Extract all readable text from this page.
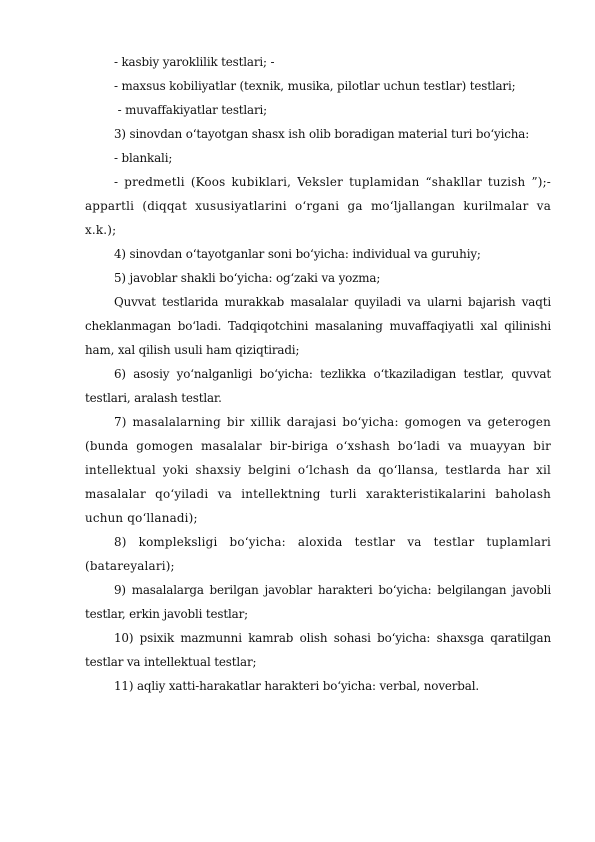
- kasbiy yaroklilik testlari; -

- maxsus kobiliyatlar (texnik, musika, pilotlar uchun testlar) testlari;

- muvaffakiyatlar testlari;

3) sinovdan o‘tayotgan shasx ish olib boradigan material turi bo‘yicha:

- blankali;

- predmetli (Koos kubiklari, Veksler tuplamidan “shakllar tuzish ”);- appartli (diqqat xususiyatlarini o‘rgani ga mo‘ljallangan kurilmalar va x.k.);

4) sinovdan o‘tayotganlar soni bo‘yicha: individual va guruhiy;

5) javoblar shakli bo‘yicha: og‘zaki va yozma;

Quvvat testlarida murakkab masalalar quyiladi va ularni bajarish vaqti cheklanmagan bo‘ladi. Tadqiqotchini masalaning muvaffaqiyatli xal qilinishi ham, xal qilish usuli ham qiziqtiradi;

6) asosiy yo‘nalganligi bo‘yicha: tezlikka o‘tkaziladigan testlar, quvvat testlari, aralash testlar.

7) masalalarning bir xillik darajasi bo‘yicha: gomogen va geterogen (bunda gomogen masalalar bir-biriga o‘xshash bo‘ladi va muayyan bir intellektual yoki shaxsiy belgini o‘lchash da qo‘llansa, testlarda har xil masalalar qo‘yiladi va intellektning turli xarakteristikalarini baholash uchun qo‘llanadi);

8) kompleksligi bo‘yicha: aloxida testlar va testlar tuplamlari (batareyalari);

9) masalalarga berilgan javoblar harakteri bo‘yicha: belgilangan javobli testlar, erkin javobli testlar;

10) psixik mazmunni kamrab olish sohasi bo‘yicha: shaxsga qaratilgan testlar va intellektual testlar;

11) aqliy xatti-harakatlar harakteri bo‘yicha: verbal, noverbal.
